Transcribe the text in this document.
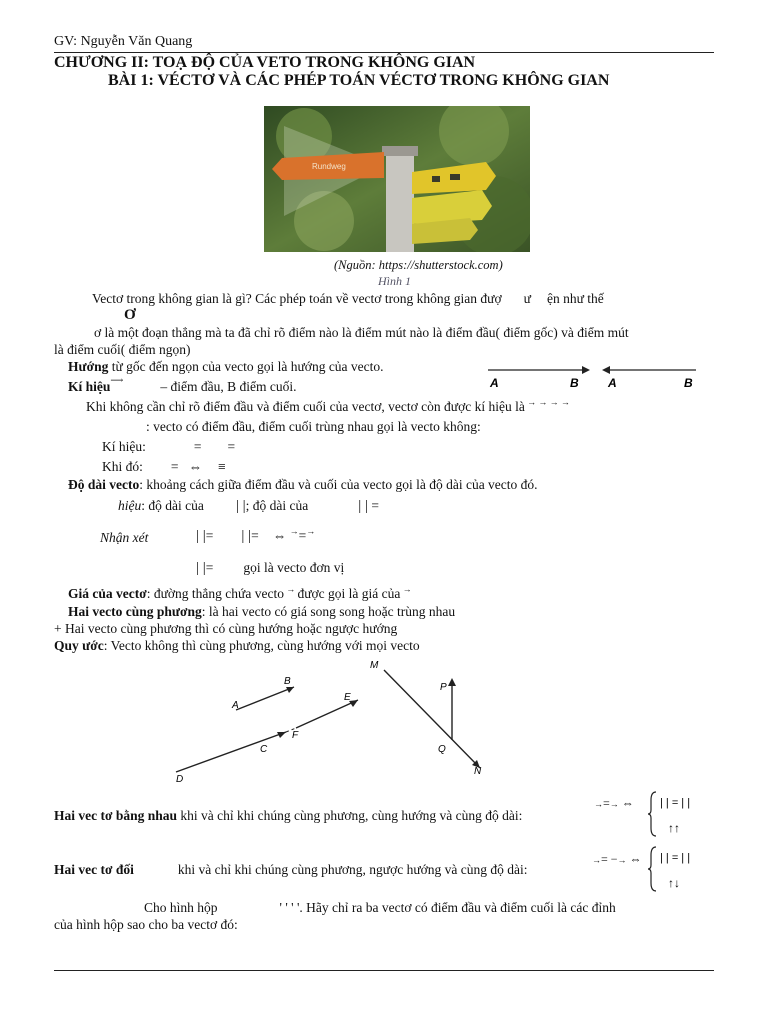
GV: Nguyễn Văn Quang
CHƯƠNG II: TOẠ ĐỘ CỦA VETO TRONG KHÔNG GIAN
BÀI 1: VÉCTƠ VÀ CÁC PHÉP TOÁN VÉCTƠ TRONG KHÔNG GIAN
Rundweg
(Nguồn: https://shutterstock.com)
Hình 1
Vectơ trong không gian là gì? Các phép toán về vectơ trong không gian đượ ư ện như thế
Ơ
ơ là một đoạn thẳng mà ta đã chỉ rõ điểm nào là điểm mút nào là điểm đầu( điểm gốc) và điểm mút
là điểm cuối( điểm ngọn)
Hướng từ gốc đến ngọn của vecto gọi là hướng của vecto.
Kí hiệu⟶	– điểm đầu, B điểm cuối.	A	B A	B
Khi không cần chỉ rõ điểm đầu và điểm cuối của vectơ, vectơ còn được kí hiệu là → → → →
: vecto có điểm đầu, điểm cuối trùng nhau gọi là vecto không:
Kí hiệu:	= =
Khi đó: = ⇔ ≡
Độ dài vecto: khoảng cách giữa điểm đầu và cuối của vecto gọi là độ dài của vecto đó.
hiệu: độ dài của | |; độ dài của	| | =
Nhận xét	| |= | |= ⇔ →=→
| |= gọi là vecto đơn vị
Giá của vectơ: đường thẳng chứa vecto → được gọi là giá của →
Hai vecto cùng phương: là hai vecto có giá song song hoặc trùng nhau
+ Hai vecto cùng phương thì có cùng hướng hoặc ngược hướng
Quy ước: Vecto không thì cùng phương, cùng hướng với mọi vecto
A
B
D
C
F
E
M
N
P
Q
Hai vec tơ bằng nhau khi và chỉ khi chúng cùng phương, cùng hướng và cùng độ dài:
→=→ ⇔ | | = | |
↑↑
Hai vec tơ đối	khi và chỉ khi chúng cùng phương, ngược hướng và cùng độ dài:
→= −→ ⇔ | | = | |
↑↓
Cho hình hộp	' ' ' '. Hãy chỉ ra ba vectơ có điểm đầu và điểm cuối là các đỉnh
của hình hộp sao cho ba vectơ đó:
